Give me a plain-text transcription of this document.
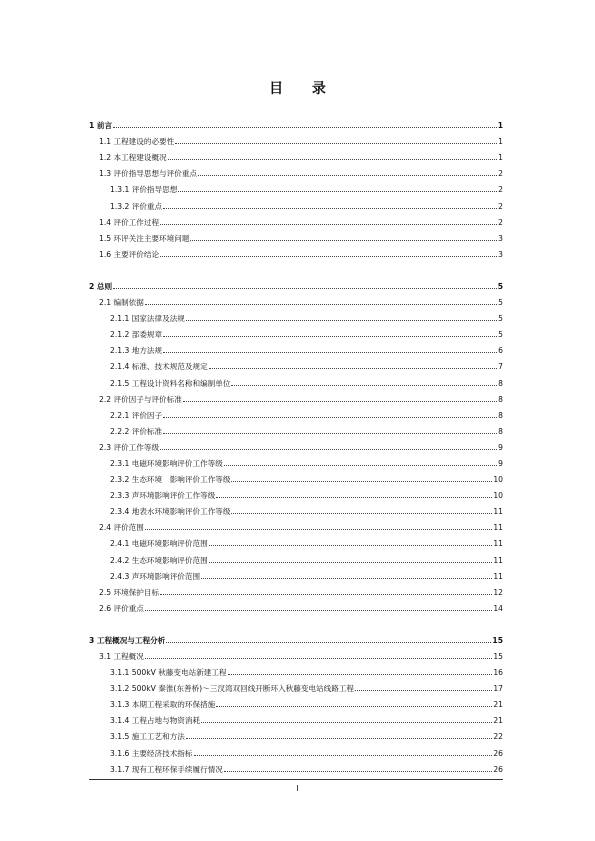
目 录
1 前言	1
1.1 工程建设的必要性	1
1.2 本工程建设概况	1
1.3 评价指导思想与评价重点	2
1.3.1 评价指导思想	2
1.3.2 评价重点	2
1.4 评价工作过程	2
1.5 环评关注主要环境问题	3
1.6 主要评价结论	3
2 总则	5
2.1 编制依据	5
2.1.1 国家法律及法规	5
2.1.2 部委规章	5
2.1.3 地方法规	6
2.1.4 标准、技术规范及规定	7
2.1.5 工程设计资料名称和编制单位	8
2.2 评价因子与评价标准	8
2.2.1 评价因子	8
2.2.2 评价标准	8
2.3 评价工作等级	9
2.3.1 电磁环境影响评价工作等级	9
2.3.2 生态环境　影响评价工作等级	10
2.3.3 声环境影响评价工作等级	10
2.3.4 地表水环境影响评价工作等级	11
2.4 评价范围	11
2.4.1 电磁环境影响评价范围	11
2.4.2 生态环境影响评价范围	11
2.4.3 声环境影响评价范围	11
2.5 环境保护目标	12
2.6 评价重点	14
3 工程概况与工程分析	15
3.1 工程概况	15
3.1.1 500kV 秋藤变电站新建工程	16
3.1.2 500kV 秦淮(东善桥)～三汊湾双回线开断环入秋藤变电站线路工程	17
3.1.3 本期工程采取的环保措施	21
3.1.4 工程占地与物资消耗	21
3.1.5 施工工艺和方法	22
3.1.6 主要经济技术指标	26
3.1.7 现有工程环保手续履行情况	26
I
